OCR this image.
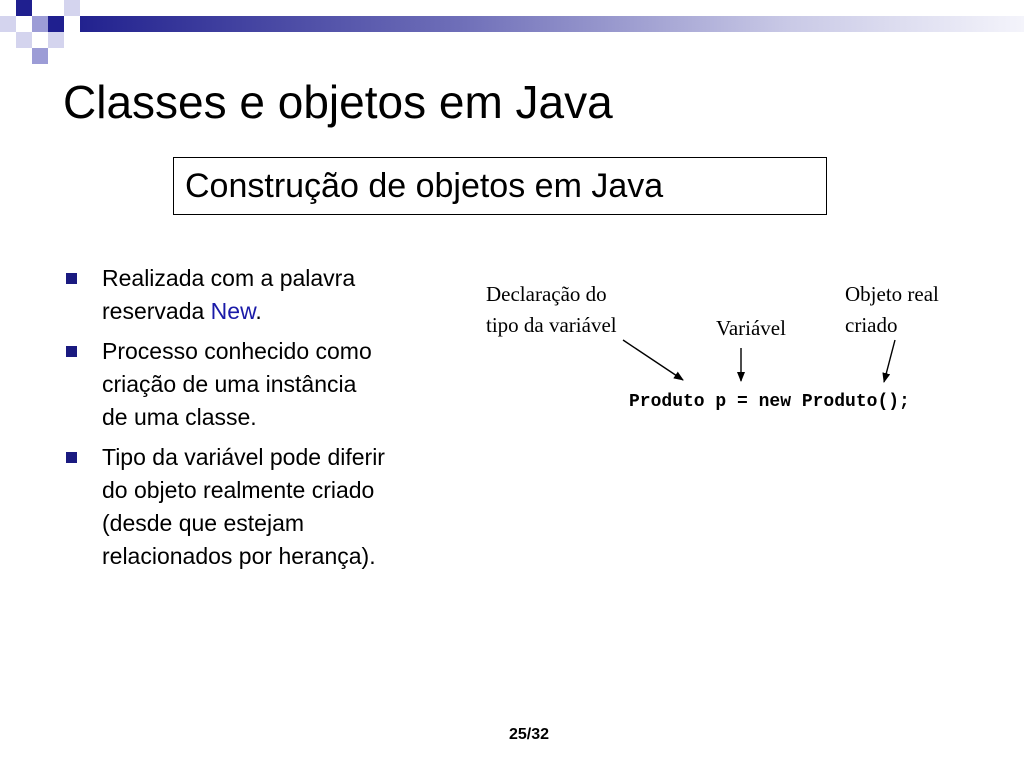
Classes e objetos em Java
Construção de objetos em Java
Realizada com a palavra
reservada New.
Processo conhecido como
criação de uma instância
de uma classe.
Tipo da variável pode diferir
do objeto realmente criado
(desde que estejam
relacionados por herança).
Declaração do
tipo da variável	Variável
Objeto real
criado
Produto p = new Produto();
25/32
